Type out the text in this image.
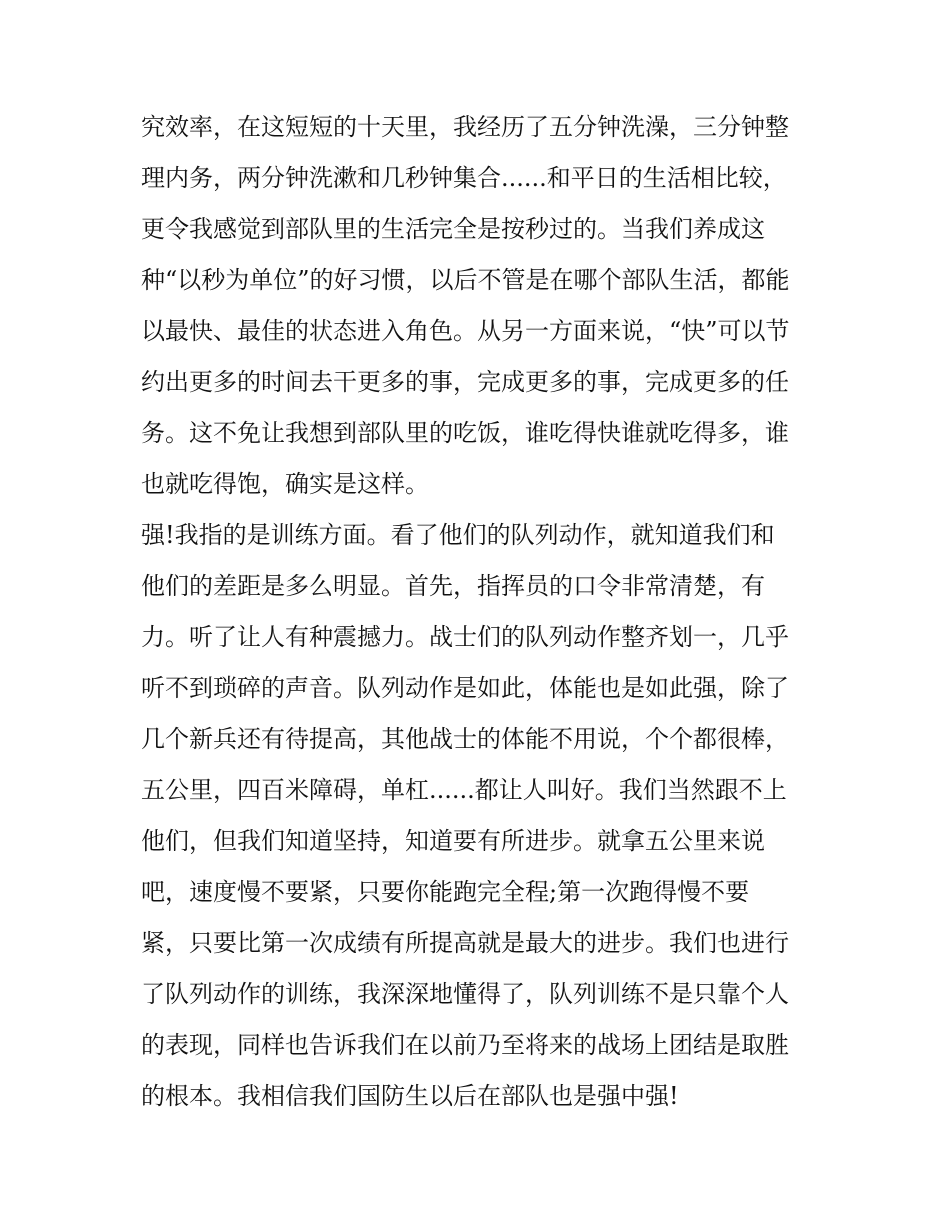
究效率，在这短短的十天里，我经历了五分钟洗澡，三分钟整
理内务，两分钟洗漱和几秒钟集合......和平日的生活相比较，
更令我感觉到部队里的生活完全是按秒过的。当我们养成这
种“以秒为单位”的好习惯，以后不管是在哪个部队生活，都能
以最快、最佳的状态进入角色。从另一方面来说，“快”可以节
约出更多的时间去干更多的事，完成更多的事，完成更多的任
务。这不免让我想到部队里的吃饭，谁吃得快谁就吃得多，谁
也就吃得饱，确实是这样。
强!我指的是训练方面。看了他们的队列动作，就知道我们和
他们的差距是多么明显。首先，指挥员的口令非常清楚，有
力。听了让人有种震撼力。战士们的队列动作整齐划一，几乎
听不到琐碎的声音。队列动作是如此，体能也是如此强，除了
几个新兵还有待提高，其他战士的体能不用说，个个都很棒，
五公里，四百米障碍，单杠......都让人叫好。我们当然跟不上
他们，但我们知道坚持，知道要有所进步。就拿五公里来说
吧，速度慢不要紧，只要你能跑完全程;第一次跑得慢不要
紧，只要比第一次成绩有所提高就是最大的进步。我们也进行
了队列动作的训练，我深深地懂得了，队列训练不是只靠个人
的表现，同样也告诉我们在以前乃至将来的战场上团结是取胜
的根本。我相信我们国防生以后在部队也是强中强!
